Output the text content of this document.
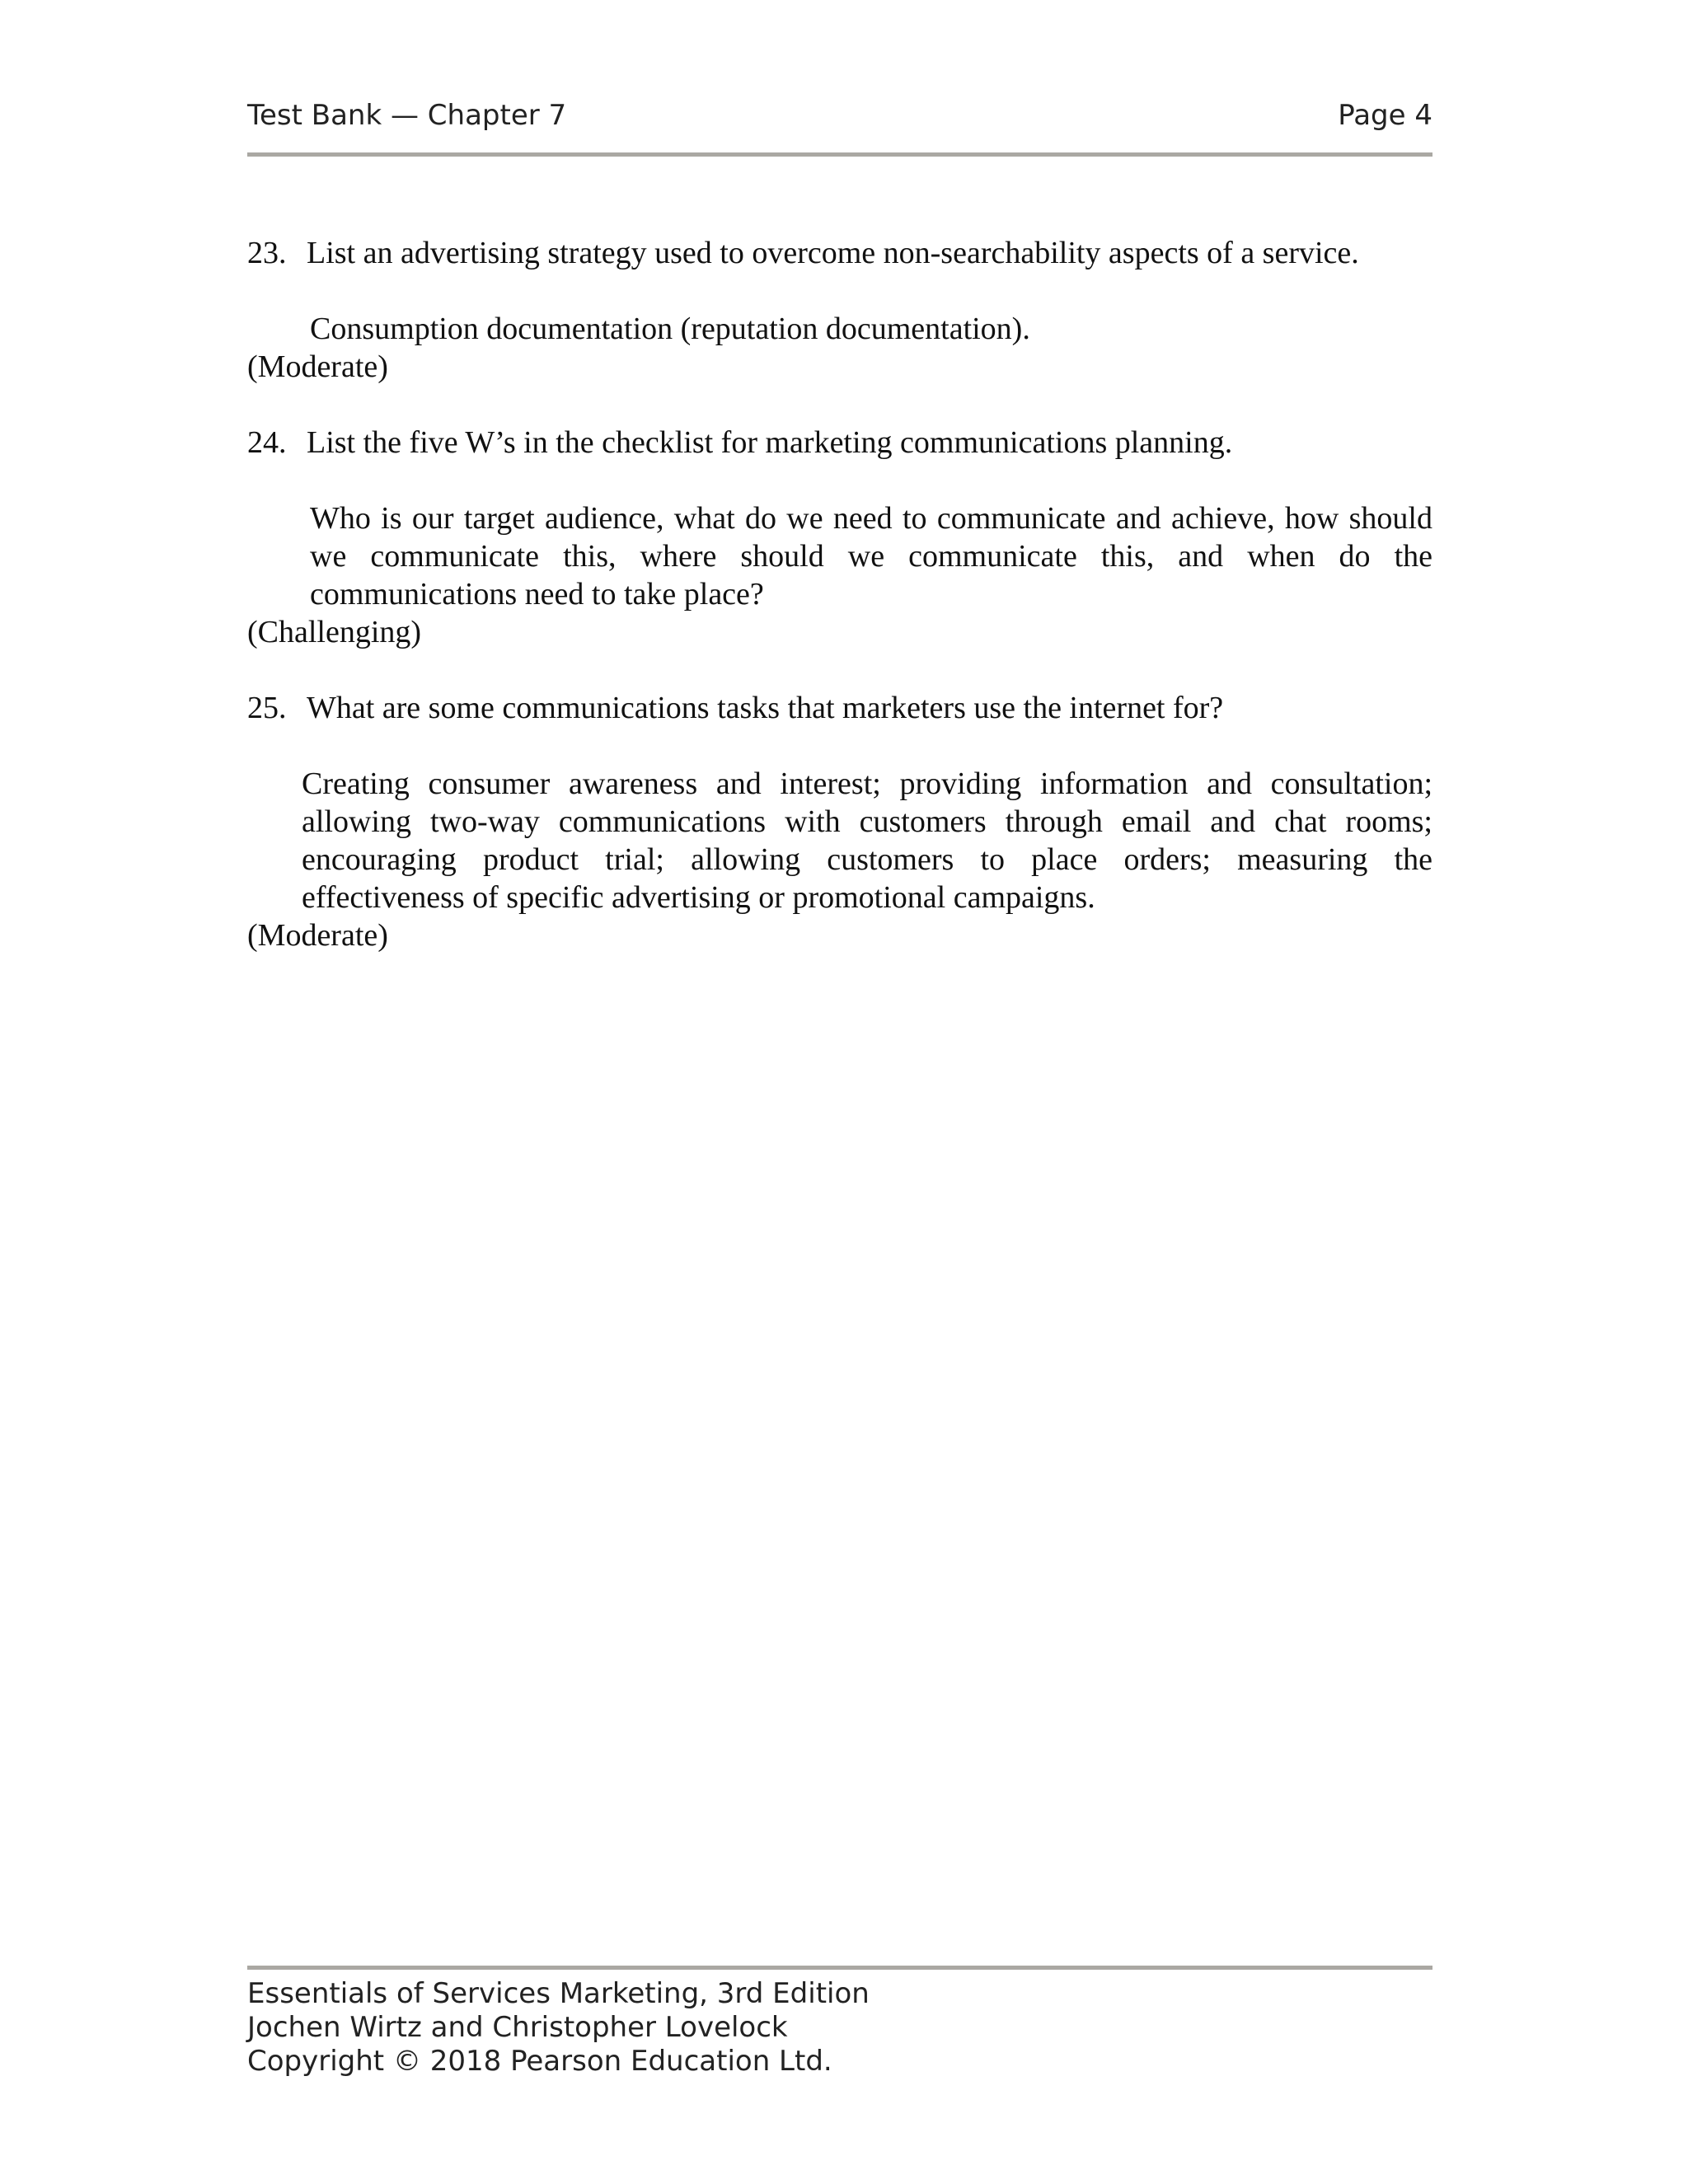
Test Bank — Chapter 7	Page 4
23. List an advertising strategy used to overcome non-searchability aspects of a service.
Consumption documentation (reputation documentation).
(Moderate)
24. List the five W’s in the checklist for marketing communications planning.
Who is our target audience, what do we need to communicate and achieve, how should we communicate this, where should we communicate this, and when do the communications need to take place?
(Challenging)
25. What are some communications tasks that marketers use the internet for?
Creating consumer awareness and interest; providing information and consultation; allowing two-way communications with customers through email and chat rooms; encouraging product trial; allowing customers to place orders; measuring the effectiveness of specific advertising or promotional campaigns.
(Moderate)
Essentials of Services Marketing, 3rd Edition
Jochen Wirtz and Christopher Lovelock
Copyright © 2018 Pearson Education Ltd.
